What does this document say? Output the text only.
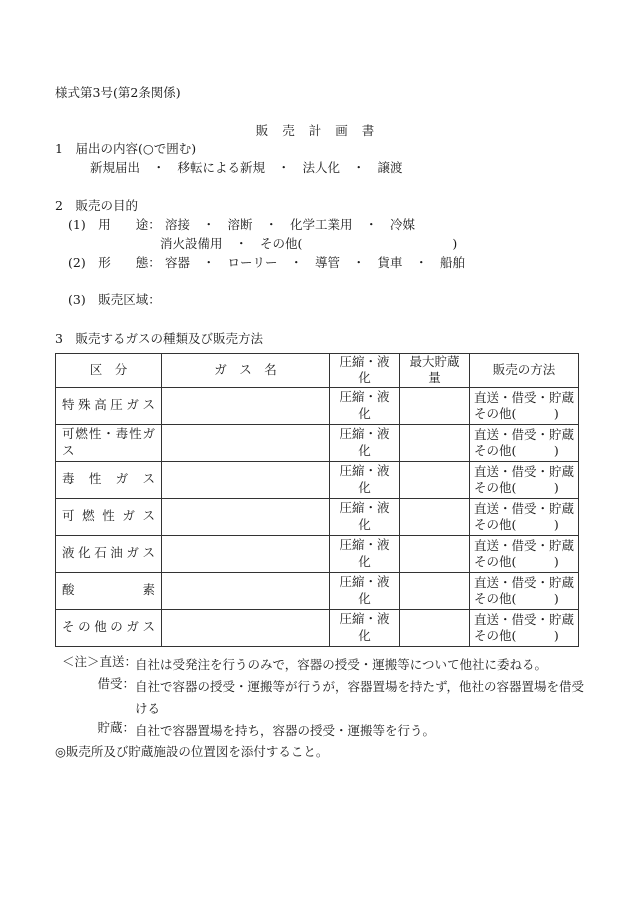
様式第3号(第2条関係)
販売計画書
1　届出の内容(○で囲む)
新規届出　・　移転による新規　・　法人化　・　譲渡
2　販売の目的
(1)　用　　途： 溶接　・　溶断　・　化学工業用　・　冷媒
消火設備用　・　その他(　　　　　　　　　　　　)
(2)　形　　態： 容器　・　ローリー　・　導管　・　貨車　・　船舶
(3)　販売区域：
3　販売するガスの種類及び販売方法
区　分	ガ　ス　名	圧縮・液化	最大貯蔵量	販売の方法
特殊高圧ガス		圧縮・液化		直送・借受・貯蔵
その他(　　　)

可燃性・毒性ガス		圧縮・液化		直送・借受・貯蔵
その他(　　　)

毒性ガス		圧縮・液化		直送・借受・貯蔵
その他(　　　)

可燃性ガス		圧縮・液化		直送・借受・貯蔵
その他(　　　)

液化石油ガス		圧縮・液化		直送・借受・貯蔵
その他(　　　)

酸素		圧縮・液化		直送・借受・貯蔵
その他(　　　)

その他のガス		圧縮・液化		直送・借受・貯蔵
その他(　　　)
＜注＞直送：
自社は受発注を行うのみで，容器の授受・運搬等について他社に委ねる。
借受： 自社で容器の授受・運搬等が行うが，容器置場を持たず，他社の容器置場を借受ける
貯蔵： 自社で容器置場を持ち，容器の授受・運搬等を行う。
◎販売所及び貯蔵施設の位置図を添付すること。
